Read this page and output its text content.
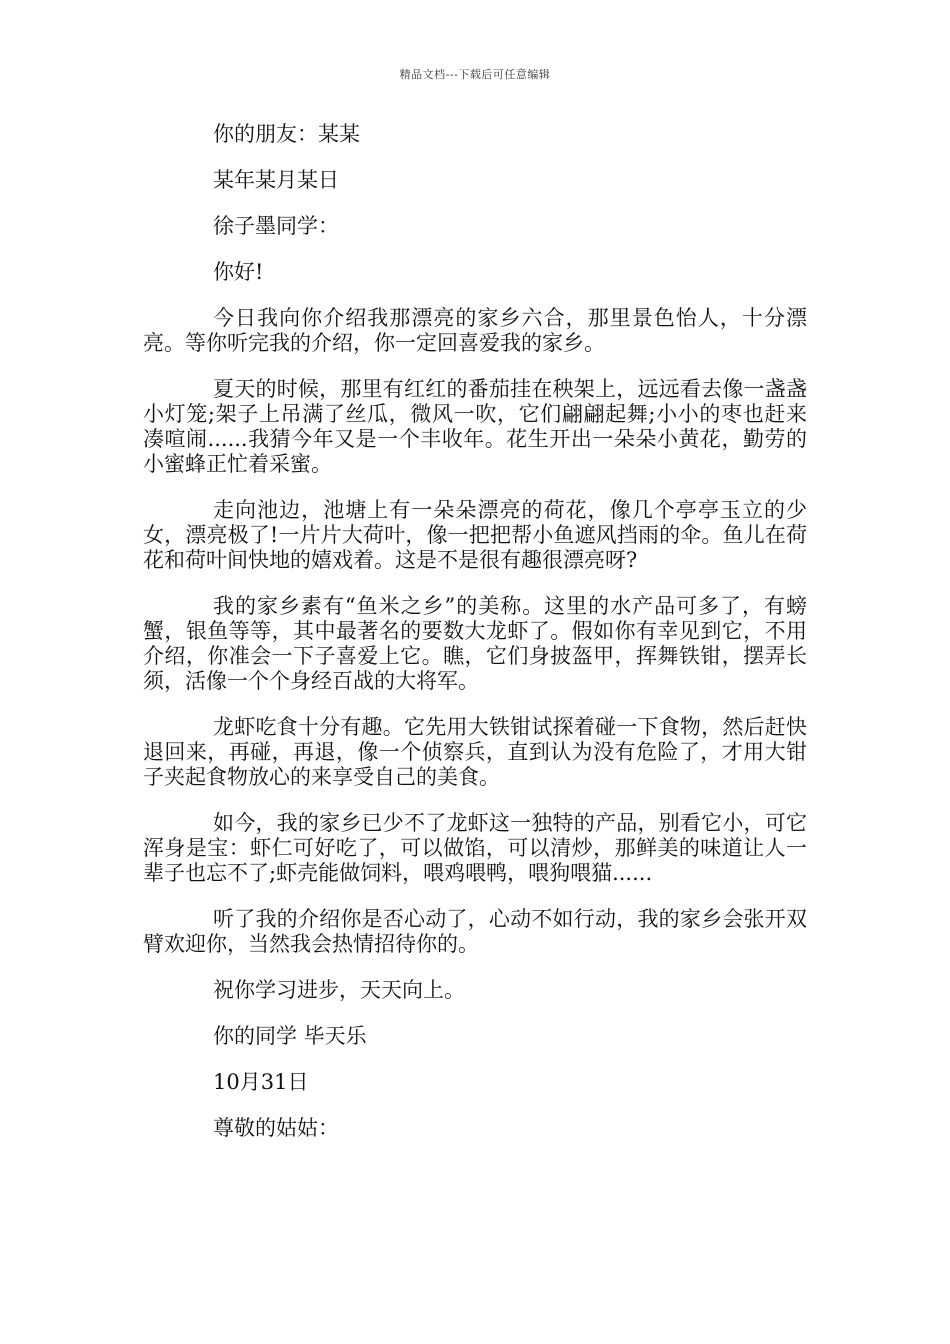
精品文档---下载后可任意编辑
你的朋友：某某
某年某月某日
徐子墨同学：
你好!

今日我向你介绍我那漂亮的家乡六合，那里景色怡人，十分漂亮。等你听完我的介绍，你一定回喜爱我的家乡。

夏天的时候，那里有红红的番茄挂在秧架上，远远看去像一盏盏小灯笼;架子上吊满了丝瓜，微风一吹，它们翩翩起舞;小小的枣也赶来凑喧闹......我猜今年又是一个丰收年。花生开出一朵朵小黄花，勤劳的小蜜蜂正忙着采蜜。

走向池边，池塘上有一朵朵漂亮的荷花，像几个亭亭玉立的少女，漂亮极了!一片片大荷叶，像一把把帮小鱼遮风挡雨的伞。鱼儿在荷花和荷叶间快地的嬉戏着。这是不是很有趣很漂亮呀?

我的家乡素有“鱼米之乡”的美称。这里的水产品可多了，有螃蟹，银鱼等等，其中最著名的要数大龙虾了。假如你有幸见到它，不用介绍，你准会一下子喜爱上它。瞧，它们身披盔甲，挥舞铁钳，摆弄长须，活像一个个身经百战的大将军。

龙虾吃食十分有趣。它先用大铁钳试探着碰一下食物，然后赶快退回来，再碰，再退，像一个侦察兵，直到认为没有危险了，才用大钳子夹起食物放心的来享受自己的美食。

如今，我的家乡已少不了龙虾这一独特的产品，别看它小，可它浑身是宝：虾仁可好吃了，可以做馅，可以清炒，那鲜美的味道让人一辈子也忘不了;虾壳能做饲料，喂鸡喂鸭，喂狗喂猫......

听了我的介绍你是否心动了，心动不如行动，我的家乡会张开双臂欢迎你，当然我会热情招待你的。

祝你学习进步，天天向上。
你的同学 毕天乐
10月31日
尊敬的姑姑：
